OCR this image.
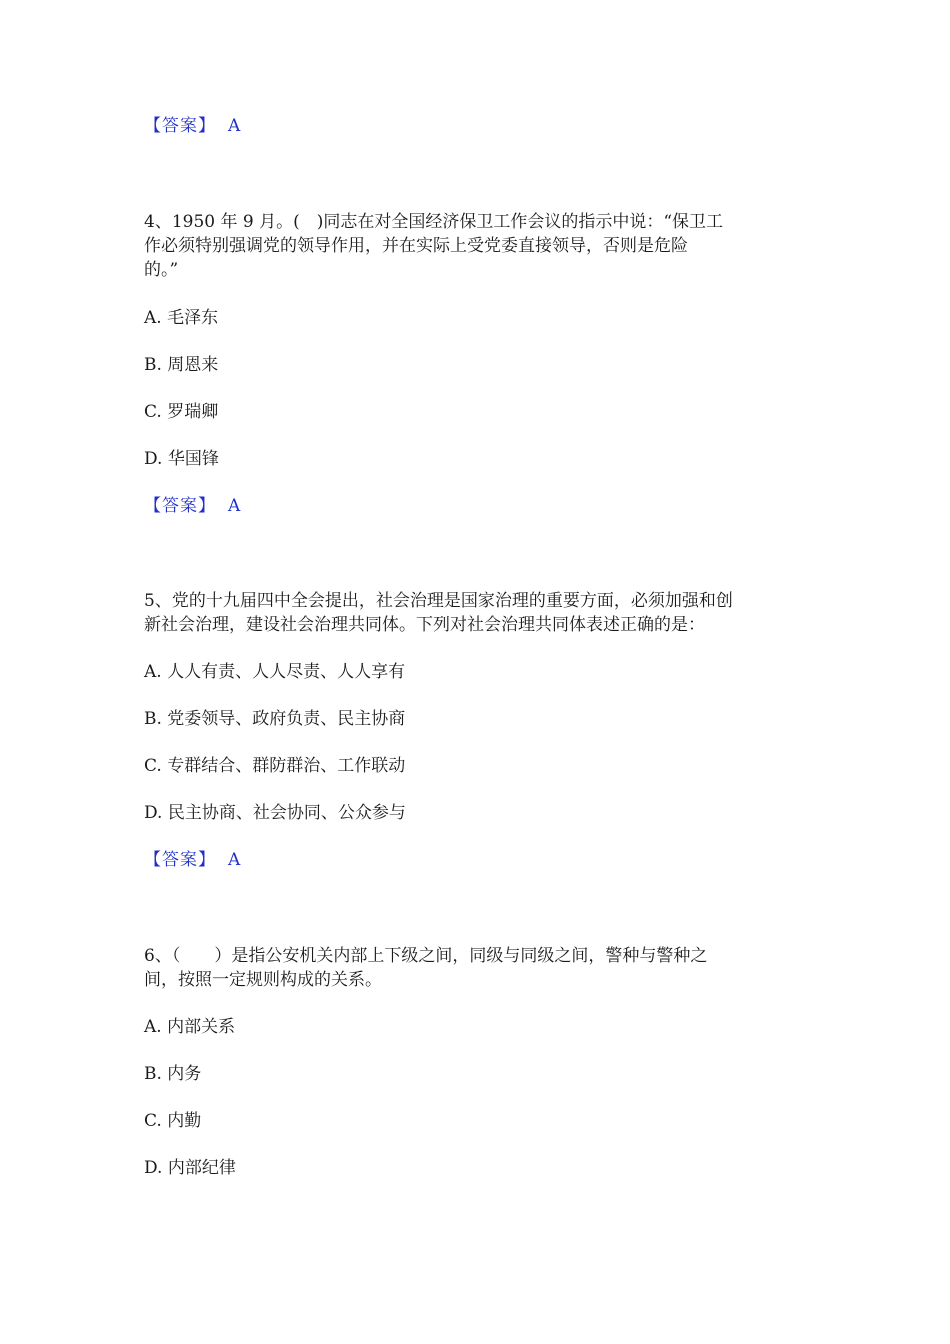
【答案】 A
4、1950 年 9 月。(　)同志在对全国经济保卫工作会议的指示中说：“保卫工
作必须特别强调党的领导作用，并在实际上受党委直接领导，否则是危险
的。”
A. 毛泽东
B. 周恩来
C. 罗瑞卿
D. 华国锋
【答案】 A
5、党的十九届四中全会提出，社会治理是国家治理的重要方面，必须加强和创
新社会治理，建设社会治理共同体。下列对社会治理共同体表述正确的是：
A. 人人有责、人人尽责、人人享有
B. 党委领导、政府负责、民主协商
C. 专群结合、群防群治、工作联动
D. 民主协商、社会协同、公众参与
【答案】 A
6、（　　）是指公安机关内部上下级之间，同级与同级之间，警种与警种之
间，按照一定规则构成的关系。
A. 内部关系
B. 内务
C. 内勤
D. 内部纪律
